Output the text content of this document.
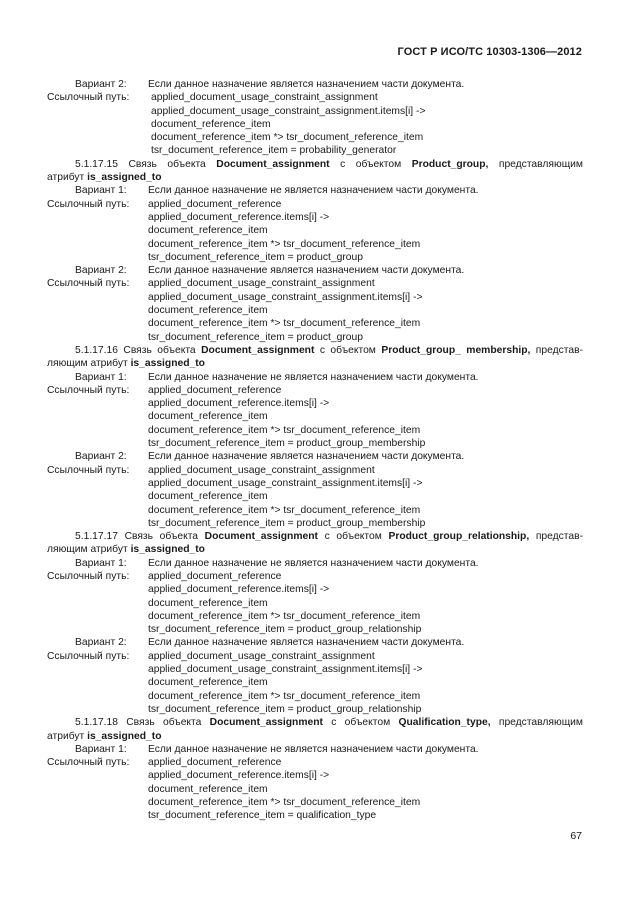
ГОСТ Р ИСО/ТС 10303-1306—2012
Вариант 2:	Если данное назначение является назначением части документа.
Ссылочный путь:	applied_document_usage_constraint_assignment
applied_document_usage_constraint_assignment.items[i] ->
document_reference_item
document_reference_item *> tsr_document_reference_item
tsr_document_reference_item = probability_generator
5.1.17.15 Связь объекта Document_assignment с объектом Product_group, представляющим
атрибут is_assigned_to
Вариант 1:	Если данное назначение не является назначением части документа.
Ссылочный путь:	applied_document_reference
applied_document_reference.items[i] ->
document_reference_item
document_reference_item *> tsr_document_reference_item
tsr_document_reference_item = product_group
Вариант 2:	Если данное назначение является назначением части документа.
Ссылочный путь:	applied_document_usage_constraint_assignment
applied_document_usage_constraint_assignment.items[i] ->
document_reference_item
document_reference_item *> tsr_document_reference_item
tsr_document_reference_item = product_group
5.1.17.16 Связь объекта Document_assignment с объектом Product_group_ membership, представ-
ляющим атрибут is_assigned_to
Вариант 1:	Если данное назначение не является назначением части документа.
Ссылочный путь:	applied_document_reference
applied_document_reference.items[i] ->
document_reference_item
document_reference_item *> tsr_document_reference_item
tsr_document_reference_item = product_group_membership
Вариант 2:	Если данное назначение является назначением части документа.
Ссылочный путь:	applied_document_usage_constraint_assignment
applied_document_usage_constraint_assignment.items[i] ->
document_reference_item
document_reference_item *> tsr_document_reference_item
tsr_document_reference_item = product_group_membership
5.1.17.17 Связь объекта Document_assignment с объектом Product_group_relationship, представ-
ляющим атрибут is_assigned_to
Вариант 1:	Если данное назначение не является назначением части документа.
Ссылочный путь:	applied_document_reference
applied_document_reference.items[i] ->
document_reference_item
document_reference_item *> tsr_document_reference_item
tsr_document_reference_item = product_group_relationship
Вариант 2:	Если данное назначение является назначением части документа.
Ссылочный путь:	applied_document_usage_constraint_assignment
applied_document_usage_constraint_assignment.items[i] ->
document_reference_item
document_reference_item *> tsr_document_reference_item
tsr_document_reference_item = product_group_relationship
5.1.17.18 Связь объекта Document_assignment с объектом Qualification_type, представляющим
атрибут is_assigned_to
Вариант 1:	Если данное назначение не является назначением части документа.
Ссылочный путь:	applied_document_reference
applied_document_reference.items[i] ->
document_reference_item
document_reference_item *> tsr_document_reference_item
tsr_document_reference_item = qualification_type
67
